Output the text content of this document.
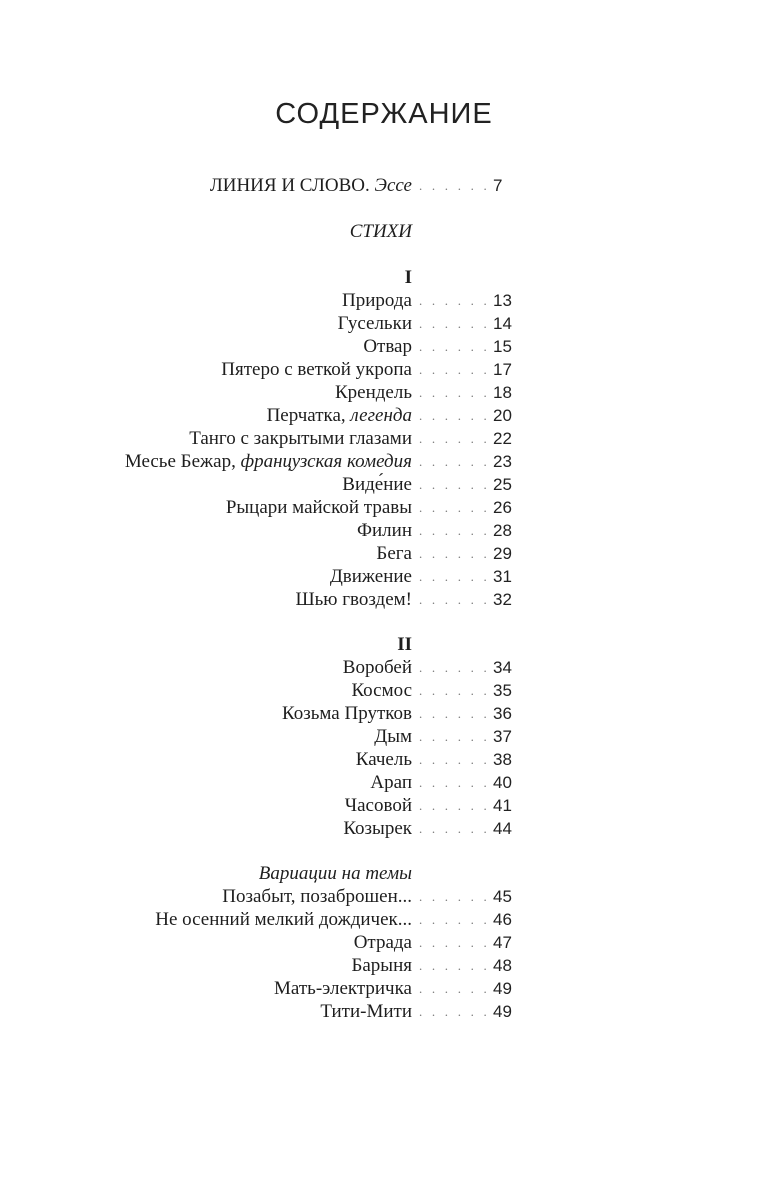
СОДЕРЖАНИЕ
ЛИНИЯ И СЛОВО. Эссе . . . . . . 7
СТИХИ
I
Природа . . . . . . 13
Гусельки . . . . . . 14
Отвар . . . . . . 15
Пятеро с веткой укропа . . . . . . 17
Крендель . . . . . . 18
Перчатка, легенда . . . . . . 20
Танго с закрытыми глазами . . . . . . 22
Месье Бежар, французская комедия . . . . . . 23
Виде́ние . . . . . . 25
Рыцари майской травы . . . . . . 26
Филин . . . . . . 28
Бега . . . . . . 29
Движение . . . . . . 31
Шью гвоздем! . . . . . . 32
II
Воробей . . . . . . 34
Космос . . . . . . 35
Козьма Прутков . . . . . . 36
Дым . . . . . . 37
Качель . . . . . . 38
Арап . . . . . . 40
Часовой . . . . . . 41
Козырек . . . . . . 44
Вариации на темы
Позабыт, позаброшен... . . . . . . 45
Не осенний мелкий дождичек... . . . . . . 46
Отрада . . . . . . 47
Барыня . . . . . . 48
Мать-электричка . . . . . . 49
Тити-Мити . . . . . . 49
